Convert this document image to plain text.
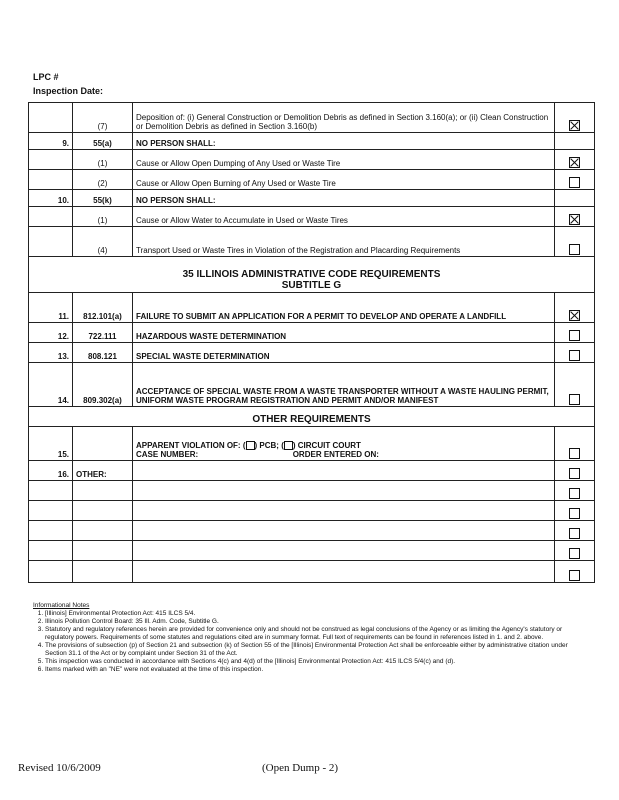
LPC #
Inspection Date:
	(7)	Deposition of: (i) General Construction or Demolition Debris as defined in Section 3.160(a); or (ii) Clean Construction or Demolition Debris as defined in Section 3.160(b)	
9.	55(a)	NO PERSON SHALL:	
	(1)	Cause or Allow Open Dumping of Any Used or Waste Tire	
	(2)	Cause or Allow Open Burning of Any Used or Waste Tire	
10.	55(k)	NO PERSON SHALL:	
	(1)	Cause or Allow Water to Accumulate in Used or Waste Tires	
	(4)	Transport Used or Waste Tires in Violation of the Registration and Placarding Requirements	

35 ILLINOIS ADMINISTRATIVE CODE REQUIREMENTS
SUBTITLE G			

11.	812.101(a)	FAILURE TO SUBMIT AN APPLICATION FOR A PERMIT TO DEVELOP AND OPERATE A LANDFILL	
12.	722.111	HAZARDOUS WASTE DETERMINATION	
13.	808.121	SPECIAL WASTE DETERMINATION	
14.	809.302(a)	ACCEPTANCE OF SPECIAL WASTE FROM A WASTE TRANSPORTER WITHOUT A WASTE HAULING PERMIT, UNIFORM WASTE PROGRAM REGISTRATION AND PERMIT AND/OR MANIFEST	
OTHER REQUIREMENTS			
15.		APPARENT VIOLATION OF: ( ) PCB; ( ) CIRCUIT COURT
CASE NUMBER: ORDER ENTERED ON:	

16.	OTHER:		

Informational Notes
1. [Illinois] Environmental Protection Act: 415 ILCS 5/4.
2. Illinois Pollution Control Board: 35 Ill. Adm. Code, Subtitle G.
3. Statutory and regulatory references herein are provided for convenience only and should not be construed as legal conclusions of the Agency or as limiting the Agency's statutory or regulatory powers. Requirements of some statutes and regulations cited are in summary format. Full text of requirements can be found in references listed in 1. and 2. above.
4. The provisions of subsection (p) of Section 21 and subsection (k) of Section 55 of the [Illinois] Environmental Protection Act shall be enforceable either by administrative citation under Section 31.1 of the Act or by complaint under Section 31 of the Act.
5. This inspection was conducted in accordance with Sections 4(c) and 4(d) of the [Illinois] Environmental Protection Act: 415 ILCS 5/4(c) and (d).
6. Items marked with an "NE" were not evaluated at the time of this inspection.
Revised 10/6/2009	(Open Dump - 2)
